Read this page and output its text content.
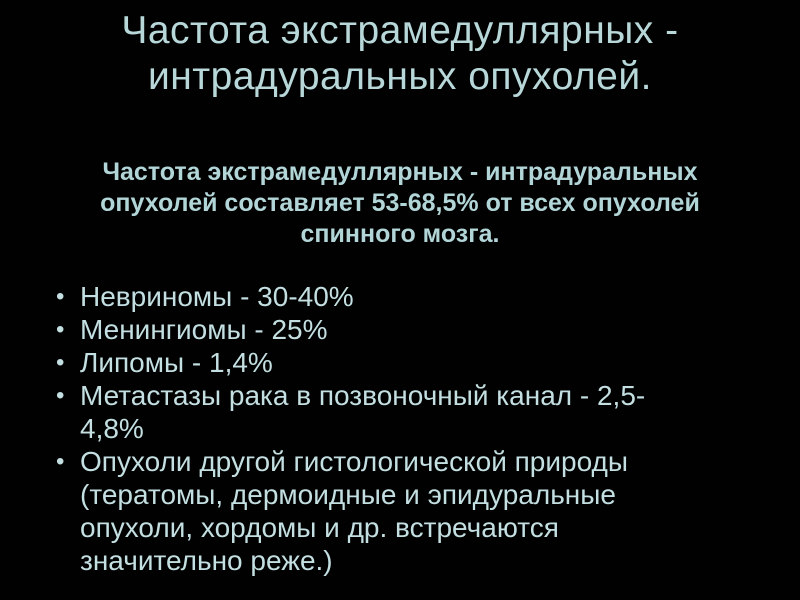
Частота экстрамедуллярных -
интрадуральных опухолей.
Частота экстрамедуллярных - интрадуральных
опухолей составляет 53-68,5% от всех опухолей
спинного мозга.
• Невриномы - 30-40%
• Менингиомы - 25%
• Липомы - 1,4%
• Метастазы рака в позвоночный канал - 2,5-4,8%
• Опухоли другой гистологической природы (тератомы, дермоидные и эпидуральные опухоли, хордомы и др. встречаются значительно реже.)
